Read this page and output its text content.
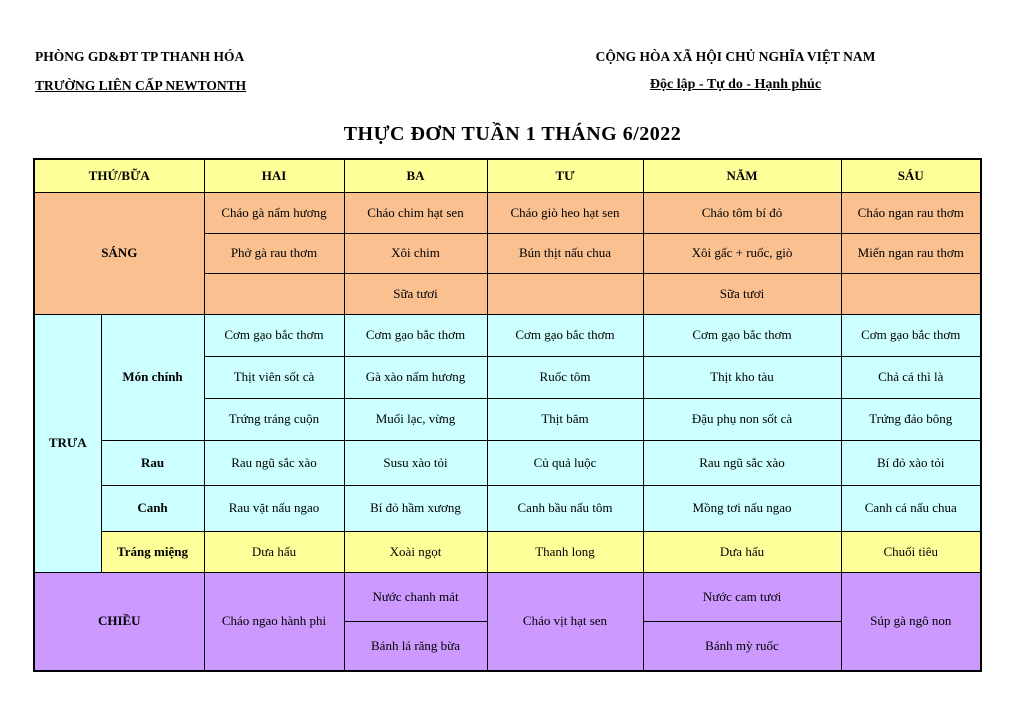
PHÒNG GD&ĐT TP THANH HÓA
TRƯỜNG LIÊN CẤP NEWTONTH
CỘNG HÒA XÃ HỘI CHỦ NGHĨA VIỆT NAM
Độc lập - Tự do - Hạnh phúc
THỰC ĐƠN TUẦN 1 THÁNG 6/2022
THỨ/BỮA		HAI	BA	TƯ	NĂM	SÁU
SÁNG		Cháo gà nấm hương	Cháo chim hạt sen	Cháo giò heo hạt sen	Cháo tôm bí đỏ	Cháo ngan rau thơm
		Phở gà rau thơm	Xôi chim	Bún thịt nấu chua	Xôi gấc + ruốc, giò	Miến ngan rau thơm
			Sữa tươi		Sữa tươi	
TRƯA	Món chính	Cơm gạo bắc thơm	Cơm gạo bắc thơm	Cơm gạo bắc thơm	Cơm gạo bắc thơm	Cơm gạo bắc thơm
		Thịt viên sốt cà	Gà xào nấm hương	Ruốc tôm	Thịt kho tàu	Chả cá thì là
		Trứng tráng cuộn	Muối lạc, vừng	Thịt băm	Đậu phụ non sốt cà	Trứng đảo bông
	Rau	Rau ngũ sắc xào	Susu xào tỏi	Củ quả luộc	Rau ngũ sắc xào	Bí đỏ xào tỏi
	Canh	Rau vặt nấu ngao	Bí đỏ hầm xương	Canh bầu nấu tôm	Mồng tơi nấu ngao	Canh cá nấu chua
	Tráng miệng	Dưa hấu	Xoài ngọt	Thanh long	Dưa hấu	Chuối tiêu
CHIỀU		Cháo ngao hành phi	Nước chanh mát	Cháo vịt hạt sen	Nước cam tươi	Súp gà ngô non
			Bánh lá răng bừa		Bánh mỳ ruốc	
